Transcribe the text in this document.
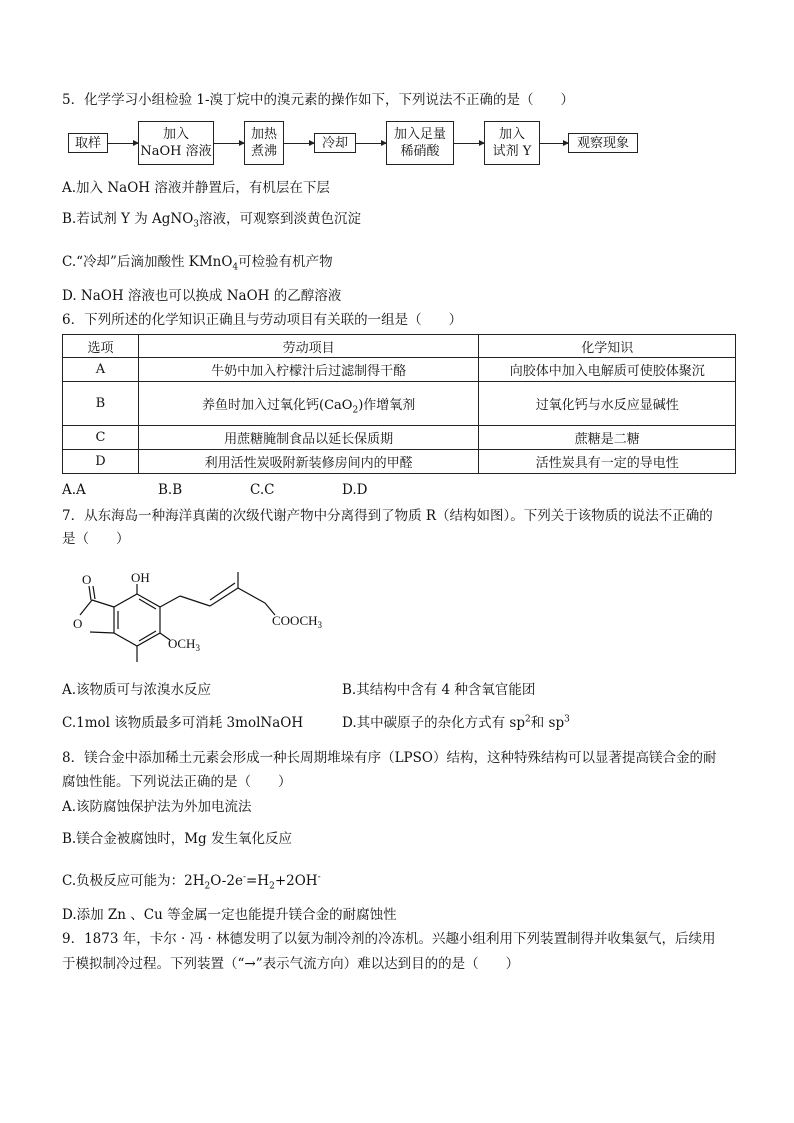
5．化学学习小组检验 1-溴丁烷中的溴元素的操作如下，下列说法不正确的是（　　）
取样
加入
NaOH 溶液
加热
煮沸
冷却
加入足量
稀硝酸
加入
试剂 Y
观察现象
A.加入 NaOH 溶液并静置后，有机层在下层
B.若试剂 Y 为 AgNO$_3$溶液，可观察到淡黄色沉淀
C.“冷却”后滴加酸性 KMnO$_4$可检验有机产物
D. NaOH 溶液也可以换成 NaOH 的乙醇溶液
6．下列所述的化学知识正确且与劳动项目有关联的一组是（　　）
选项	劳动项目	化学知识
A	牛奶中加入柠檬汁后过滤制得干酪	向胶体中加入电解质可使胶体聚沉
B	养鱼时加入过氧化钙(CaO$_2$)作增氧剂	过氧化钙与水反应显碱性
C	用蔗糖腌制食品以延长保质期	蔗糖是二糖
D	利用活性炭吸附新装修房间内的甲醛	活性炭具有一定的导电性
A.A	B.B	C.C	D.D
7．从东海岛一种海洋真菌的次级代谢产物中分离得到了物质 R（结构如图）。下列关于该物质的说法不正确的
是（　　）
O	OH
O	$COOCH_3$
$OCH_3$
A.该物质可与浓溴水反应	B.其结构中含有 4 种含氧官能团
C.1mol 该物质最多可消耗 3molNaOH	D.其中碳原子的杂化方式有 $sp^2$和 $sp^3$
8．镁合金中添加稀土元素会形成一种长周期堆垛有序（LPSO）结构，这种特殊结构可以显著提高镁合金的耐
腐蚀性能。下列说法正确的是（　　）
A.该防腐蚀保护法为外加电流法
B.镁合金被腐蚀时，Mg 发生氧化反应
C.负极反应可能为：$2H_2O-2e^-=H_2+2OH^-$
D.添加 Zn 、Cu 等金属一定也能提升镁合金的耐腐蚀性
9．1873 年，卡尔 · 冯 · 林德发明了以氨为制冷剂的冷冻机。兴趣小组利用下列装置制得并收集氨气，后续用
于模拟制冷过程。下列装置（“→”表示气流方向）难以达到目的的是（　　）
